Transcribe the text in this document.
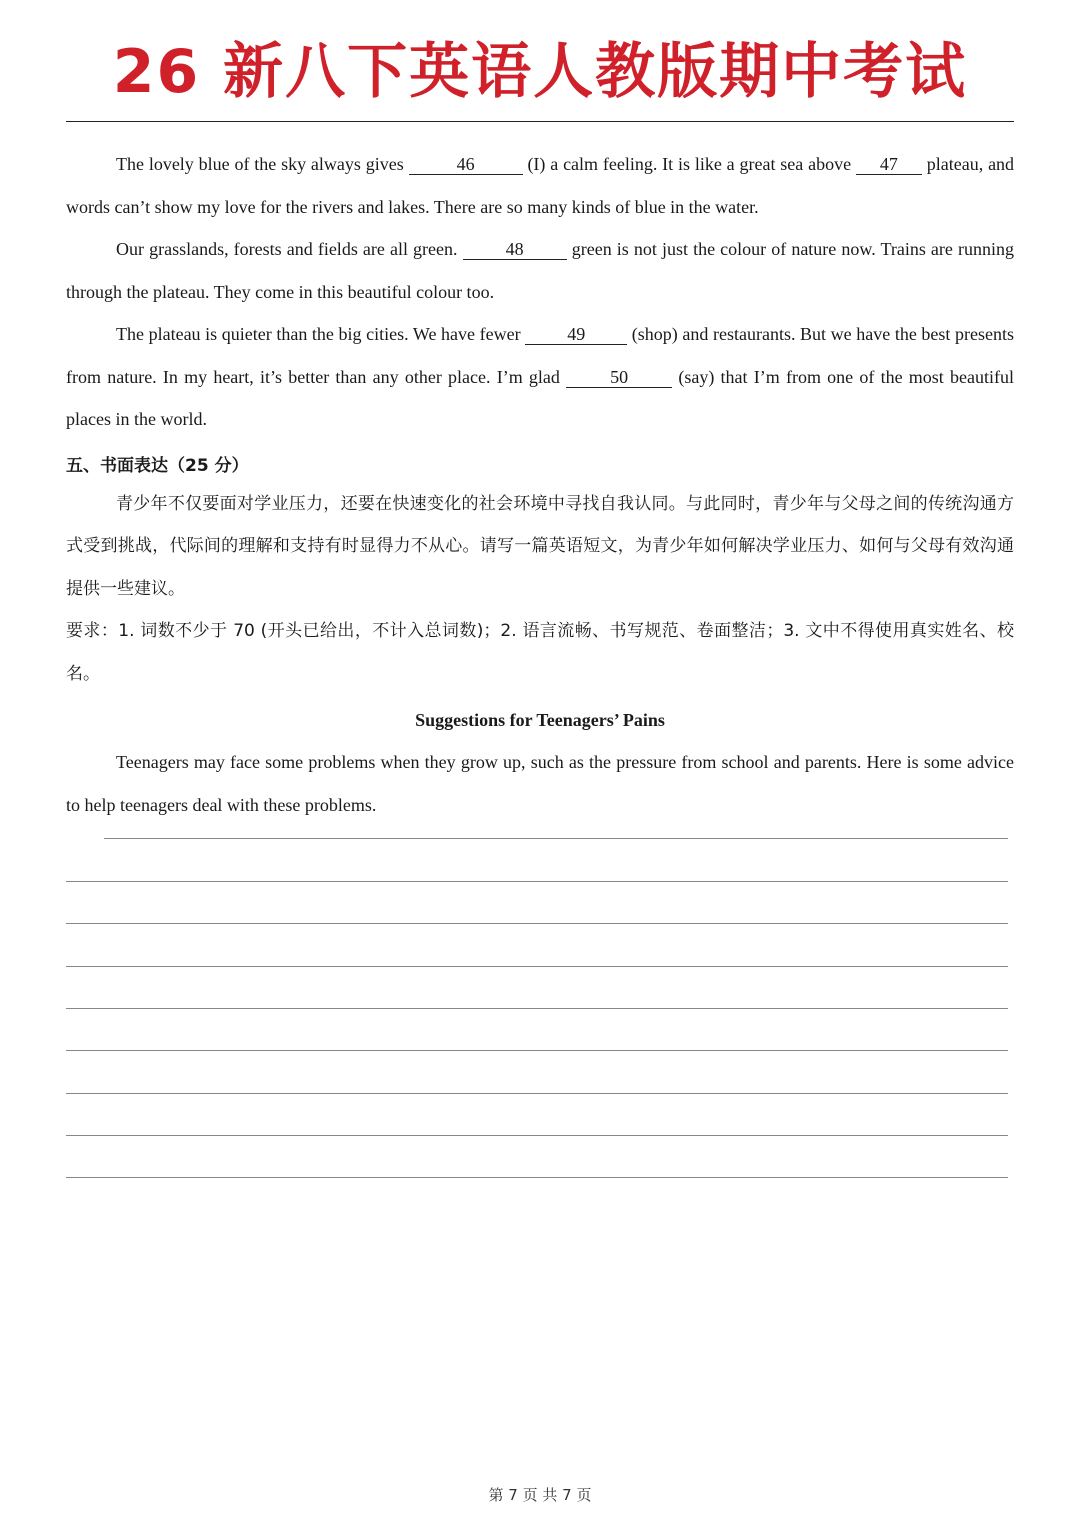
26 新八下英语人教版期中考试

The lovely blue of the sky always gives	46	(I) a calm feeling. It is like a great sea above 47 plateau, and words can’t show my love for the rivers and lakes. There are so many kinds of blue in the water.

Our grasslands, forests and fields are all green.	48	green is not just the colour of nature now. Trains are running through the plateau. They come in this beautiful colour too.

The plateau is quieter than the big cities. We have fewer	49	(shop) and restaurants. But we have the best presents from nature. In my heart, it’s better than any other place. I’m glad	50	(say) that I’m from one of the most beautiful places in the world.

五、书面表达（25 分）

青少年不仅要面对学业压力，还要在快速变化的社会环境中寻找自我认同。与此同时，青少年与父母之间的传统沟通方式受到挑战，代际间的理解和支持有时显得力不从心。请写一篇英语短文，为青少年如何解决学业压力、如何与父母有效沟通提供一些建议。

要求：1. 词数不少于 70 (开头已给出，不计入总词数)；2. 语言流畅、书写规范、卷面整洁；3. 文中不得使用真实姓名、校名。

Suggestions for Teenagers’ Pains

Teenagers may face some problems when they grow up, such as the pressure from school and parents. Here is some advice to help teenagers deal with these problems.

第 7 页 共 7 页
